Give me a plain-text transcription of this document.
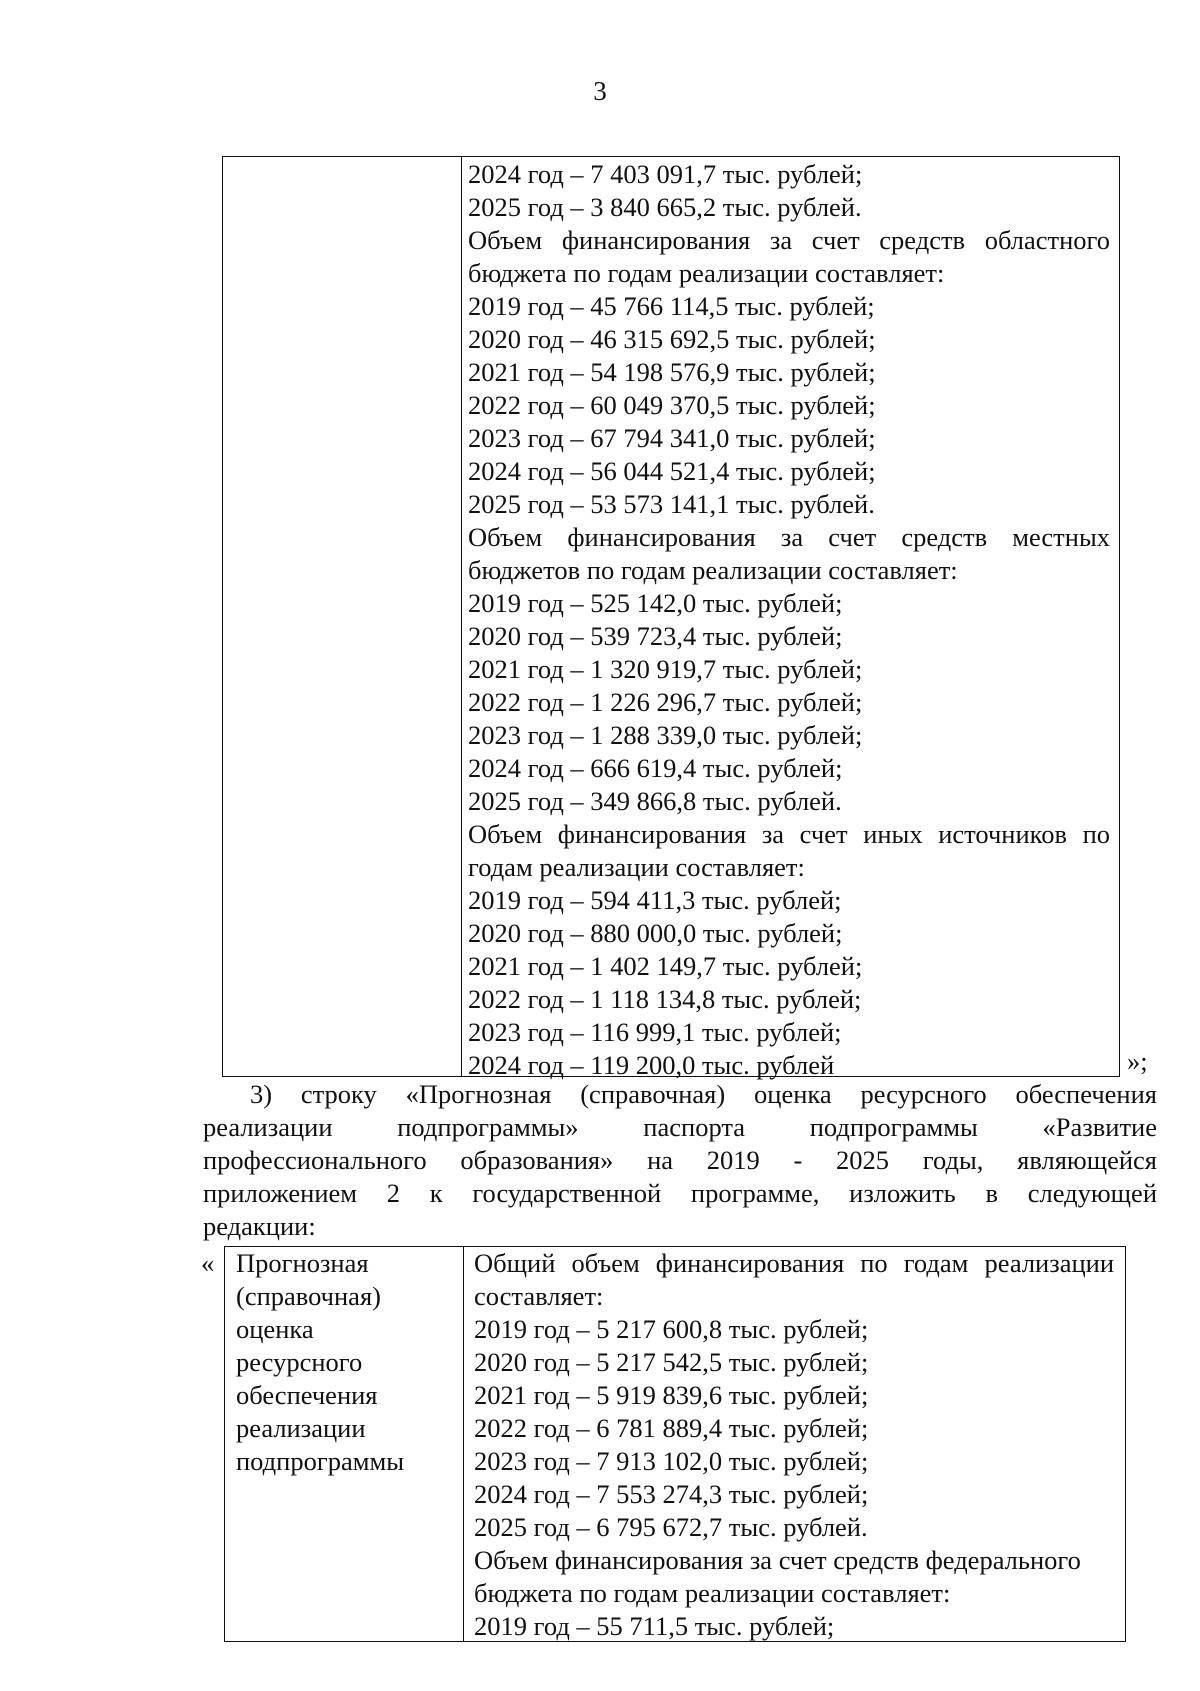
3
2024 год – 7 403 091,7 тыс. рублей;
2025 год – 3 840 665,2 тыс. рублей.
Объем финансирования за счет средств областного
бюджета по годам реализации составляет:
2019 год – 45 766 114,5 тыс. рублей;
2020 год – 46 315 692,5 тыс. рублей;
2021 год – 54 198 576,9 тыс. рублей;
2022 год – 60 049 370,5 тыс. рублей;
2023 год – 67 794 341,0 тыс. рублей;
2024 год – 56 044 521,4 тыс. рублей;
2025 год – 53 573 141,1 тыс. рублей.
Объем финансирования за счет средств местных
бюджетов по годам реализации составляет:
2019 год – 525 142,0 тыс. рублей;
2020 год – 539 723,4 тыс. рублей;
2021 год – 1 320 919,7 тыс. рублей;
2022 год – 1 226 296,7 тыс. рублей;
2023 год – 1 288 339,0 тыс. рублей;
2024 год – 666 619,4 тыс. рублей;
2025 год – 349 866,8 тыс. рублей.
Объем финансирования за счет иных источников по
годам реализации составляет:
2019 год – 594 411,3 тыс. рублей;
2020 год – 880 000,0 тыс. рублей;
2021 год – 1 402 149,7 тыс. рублей;
2022 год – 1 118 134,8 тыс. рублей;
2023 год – 116 999,1 тыс. рублей;
2024 год – 119 200,0 тыс. рублей	»;
3) строку «Прогнозная (справочная) оценка ресурсного обеспечения
реализации подпрограммы» паспорта подпрограммы «Развитие
профессионального образования» на 2019 - 2025 годы, являющейся
приложением 2 к государственной программе, изложить в следующей
редакции:
« Прогнозная
(справочная)
оценка
ресурсного
обеспечения
реализации
подпрограммы
Общий объем финансирования по годам реализации
составляет:
2019 год – 5 217 600,8 тыс. рублей;
2020 год – 5 217 542,5 тыс. рублей;
2021 год – 5 919 839,6 тыс. рублей;
2022 год – 6 781 889,4 тыс. рублей;
2023 год – 7 913 102,0 тыс. рублей;
2024 год – 7 553 274,3 тыс. рублей;
2025 год – 6 795 672,7 тыс. рублей.
Объем финансирования за счет средств федерального
бюджета по годам реализации составляет:
2019 год – 55 711,5 тыс. рублей;
